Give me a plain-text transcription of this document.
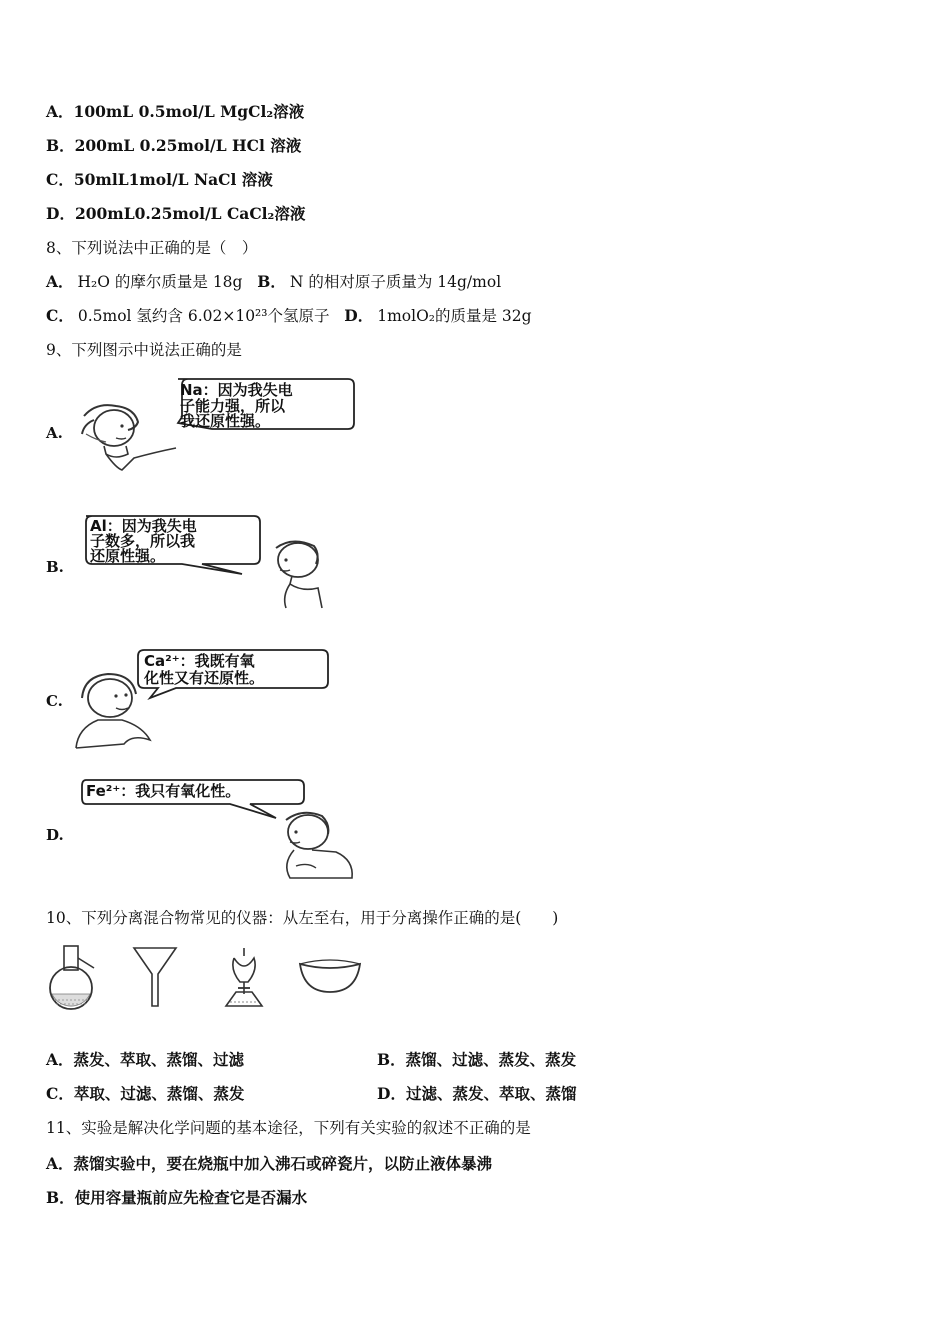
A．100mL 0.5mol/L MgCl₂溶液
B．200mL 0.25mol/L HCl 溶液
C．50mlL1mol/L NaCl 溶液
D．200mL0.25mol/L CaCl₂溶液
8、下列说法中正确的是（　）
A． H₂O 的摩尔质量是 18g B． N 的相对原子质量为 14g/mol
C． 0.5mol 氢约含 6.02×10²³个氢原子 D． 1molO₂的质量是 32g
9、下列图示中说法正确的是
A.
Na：因为我失电
子能力强，所以
我还原性强。
B.
Al：因为我失电
子数多，所以我
还原性强。
C.
Ca²⁺：我既有氧
化性又有还原性。
D.
Fe²⁺：我只有氧化性。
10、下列分离混合物常见的仪器：从左至右，用于分离操作正确的是(　　)
A．蒸发、萃取、蒸馏、过滤	B．蒸馏、过滤、蒸发、蒸发
C．萃取、过滤、蒸馏、蒸发	D．过滤、蒸发、萃取、蒸馏
11、实验是解决化学问题的基本途径，下列有关实验的叙述不正确的是
A．蒸馏实验中，要在烧瓶中加入沸石或碎瓷片，以防止液体暴沸
B．使用容量瓶前应先检查它是否漏水
